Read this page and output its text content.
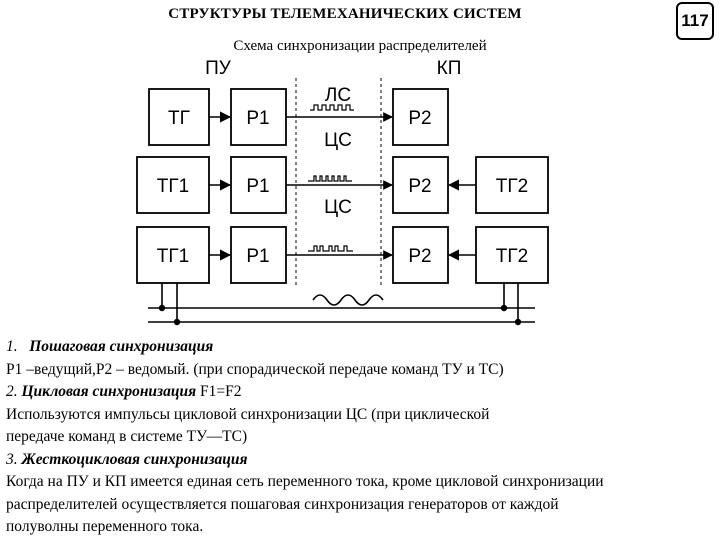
СТРУКТУРЫ ТЕЛЕМЕХАНИЧЕСКИХ СИСТЕМ	117
Схема синхронизации распределителей
ПУ	КП
ЛС
ЦС
ЦС
ТГ	Р1	Р2
ТГ1	Р1	Р2	ТГ2
ТГ1	Р1	Р2	ТГ2

1. Пошаговая синхронизация

Р1 –ведущий,Р2 – ведомый. (при спорадической передаче команд ТУ и ТС)

2. Цикловая синхронизация F1=F2

Используются импульсы цикловой синхронизации ЦС (при циклической

передаче команд в системе ТУ—ТС)

3. Жесткоцикловая синхронизация

Когда на ПУ и КП имеется единая сеть переменного тока, кроме цикловой синхронизации

распределителей осуществляется пошаговая синхронизация генераторов от каждой

полуволны переменного тока.
